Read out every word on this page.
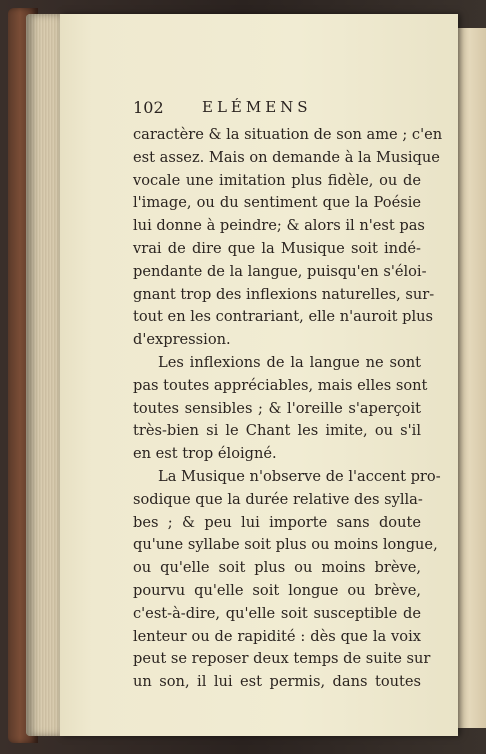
102	ELÉMENS
caractère & la situation de son ame ; c'en
est assez. Mais on demande à la Musique
vocale une imitation plus fidèle, ou de
l'image, ou du sentiment que la Poésie
lui donne à peindre; & alors il n'est pas
vrai de dire que la Musique soit indé-
pendante de la langue, puisqu'en s'éloi-
gnant trop des inflexions naturelles, sur-
tout en les contrariant, elle n'auroit plus
d'expression.
Les inflexions de la langue ne sont
pas toutes appréciables, mais elles sont
toutes sensibles ; & l'oreille s'aperçoit
très-bien si le Chant les imite, ou s'il
en est trop éloigné.
La Musique n'observe de l'accent pro-
sodique que la durée relative des sylla-
bes ; & peu lui importe sans doute
qu'une syllabe soit plus ou moins longue,
ou qu'elle soit plus ou moins brève,
pourvu qu'elle soit longue ou brève,
c'est-à-dire, qu'elle soit susceptible de
lenteur ou de rapidité : dès que la voix
peut se reposer deux temps de suite sur
un son, il lui est permis, dans toutes
